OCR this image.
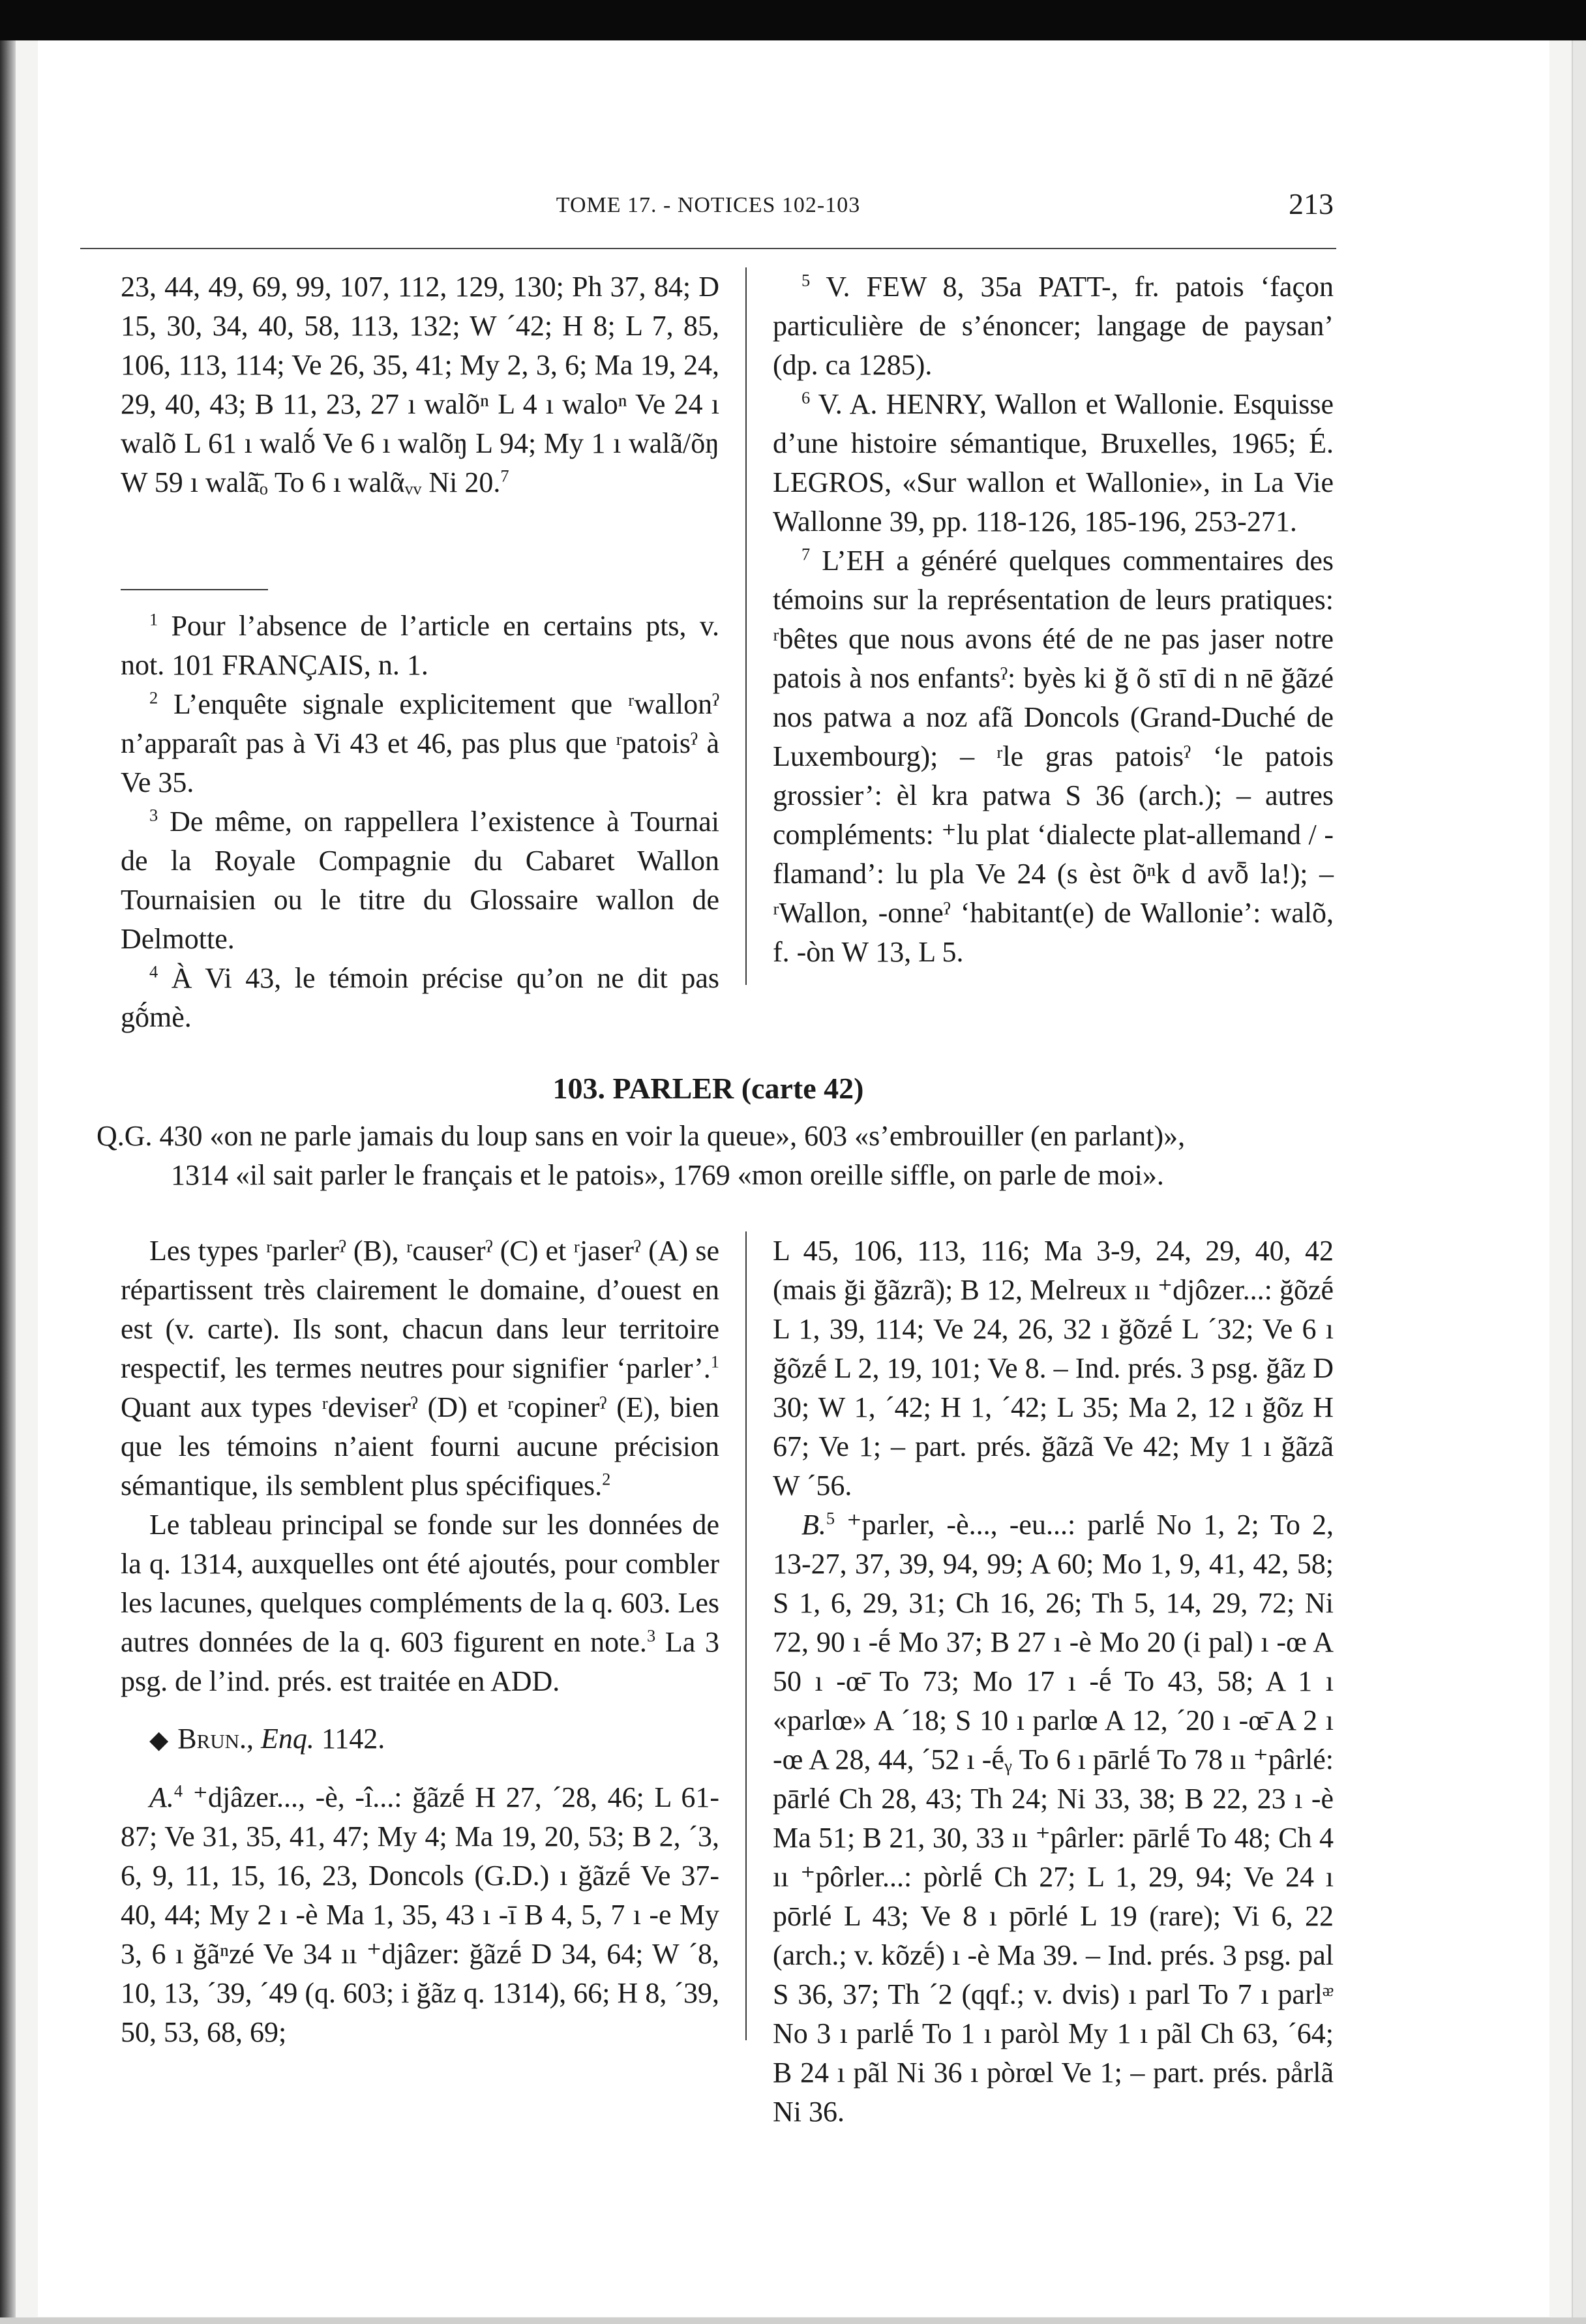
TOME 17. - NOTICES 102-103	213

23, 44, 49, 69, 99, 107, 112, 129, 130; Ph 37, 84; D 15, 30, 34, 40, 58, 113, 132; W ´42; H 8; L 7, 85, 106, 113, 114; Ve 26, 35, 41; My 2, 3, 6; Ma 19, 24, 29, 40, 43; B 11, 23, 27 ı walõⁿ L 4 ı waloⁿ Ve 24 ı walõ L 61 ı walṍ Ve 6 ı walõŋ L 94; My 1 ı walã/õŋ W 59 ı walã̄ₒ To 6 ı walᾶᵥᵥ Ni 20.$^7$

$^1$ Pour l’absence de l’article en certains pts, v. not. 101 FRANÇAIS, n. 1.

$^2$ L’enquête signale explicitement que ʳwallonˀ n’apparaît pas à Vi 43 et 46, pas plus que ʳpatoisˀ à Ve 35.

$^3$ De même, on rappellera l’existence à Tournai de la Royale Compagnie du Cabaret Wallon Tournaisien ou le titre du Glossaire wallon de Delmotte.

$^4$ À Vi 43, le témoin précise qu’on ne dit pas gṍmè.

$^5$ V. FEW 8, 35a PATT-, fr. patois ‘façon particulière de s’énoncer; langage de paysan’ (dp. ca 1285).

$^6$ V. A. HENRY, Wallon et Wallonie. Esquisse d’une histoire sémantique, Bruxelles, 1965; É. LEGROS, «Sur wallon et Wallonie», in La Vie Wallonne 39, pp. 118-126, 185-196, 253-271.

$^7$ L’EH a généré quelques commentaires des témoins sur la représentation de leurs pratiques: ʳbêtes que nous avons été de ne pas jaser notre patois à nos enfantsˀ: byès ki ğ õ stī di n nē ğãzé nos patwa a noz afã Doncols (Grand-Duché de Luxembourg); – ʳle gras patoisˀ ‘le patois grossier’: èl kra patwa S 36 (arch.); – autres compléments: ⁺lu plat ‘dialecte plat-allemand / -flamand’: lu pla Ve 24 (s èst õⁿk d avȭ la!); – ʳWallon, -onneˀ ‘habitant(e) de Wallonie’: walõ, f. -òn W 13, L 5.

103. PARLER (carte 42)
Q.G. 430 «on ne parle jamais du loup sans en voir la queue», 603 «s’embrouiller (en parlant)»,
1314 «il sait parler le français et le patois», 1769 «mon oreille siffle, on parle de moi».

Les types ʳparlerˀ (B), ʳcauserˀ (C) et ʳjaserˀ (A) se répartissent très clairement le domaine, d’ouest en est (v. carte). Ils sont, chacun dans leur territoire respectif, les termes neutres pour signifier ‘parler’.$^1$ Quant aux types ʳdeviserˀ (D) et ʳcopinerˀ (E), bien que les témoins n’aient fourni aucune précision sémantique, ils semblent plus spécifiques.$^2$

Le tableau principal se fonde sur les données de la q. 1314, auxquelles ont été ajoutés, pour combler les lacunes, quelques compléments de la q. 603. Les autres données de la q. 603 figurent en note.$^3$ La 3 psg. de l’ind. prés. est traitée en ADD.

◆ Brun., Enq. 1142.

A.$^4$ ⁺djâzer..., -è, -î...: ğãzḗ H 27, ´28, 46; L 61-87; Ve 31, 35, 41, 47; My 4; Ma 19, 20, 53; B 2, ´3, 6, 9, 11, 15, 16, 23, Doncols (G.D.) ı ğãzḗ Ve 37-40, 44; My 2 ı -è Ma 1, 35, 43 ı -ī B 4, 5, 7 ı -e My 3, 6 ı ğãⁿzé Ve 34 ıı ⁺djâzer: ğãzḗ D 34, 64; W ´8, 10, 13, ´39, ´49 (q. 603; i ğãz q. 1314), 66; H 8, ´39, 50, 53, 68, 69;

L 45, 106, 113, 116; Ma 3-9, 24, 29, 40, 42 (mais ği ğãzrã); B 12, Melreux ıı ⁺djôzer...: ğõzḗ L 1, 39, 114; Ve 24, 26, 32 ı ğõzḗ L ´32; Ve 6 ı ğõzḗ L 2, 19, 101; Ve 8. – Ind. prés. 3 psg. ğãz D 30; W 1, ´42; H 1, ´42; L 35; Ma 2, 12 ı ğõz H 67; Ve 1; – part. prés. ğãzã Ve 42; My 1 ı ğãzã W ´56.

B.$^5$ ⁺parler, -è..., -eu...: parlḗ No 1, 2; To 2, 13-27, 37, 39, 94, 99; A 60; Mo 1, 9, 41, 42, 58; S 1, 6, 29, 31; Ch 16, 26; Th 5, 14, 29, 72; Ni 72, 90 ı -ḗ Mo 37; B 27 ı -è Mo 20 (i pal) ı -œ A 50 ı -œ̄ To 73; Mo 17 ı -ḗ To 43, 58; A 1 ı «parlœ» A ´18; S 10 ı parlœ A 12, ´20 ı -œ̄ A 2 ı -œ A 28, 44, ´52 ı -ḗᵧ To 6 ı pārlḗ To 78 ıı ⁺pârlé: pārlé Ch 28, 43; Th 24; Ni 33, 38; B 22, 23 ı -è Ma 51; B 21, 30, 33 ıı ⁺pârler: pārlḗ To 48; Ch 4 ıı ⁺pôrler...: pòrlḗ Ch 27; L 1, 29, 94; Ve 24 ı pōrlé L 43; Ve 8 ı pōrlé L 19 (rare); Vi 6, 22 (arch.; v. kõzḗ) ı -è Ma 39. – Ind. prés. 3 psg. pal S 36, 37; Th ´2 (qqf.; v. dvis) ı parl To 7 ı parlᵆ No 3 ı parlḗ To 1 ı paròl My 1 ı pãl Ch 63, ´64; B 24 ı pãl Ni 36 ı pòrœl Ve 1; – part. prés. pårlã Ni 36.
